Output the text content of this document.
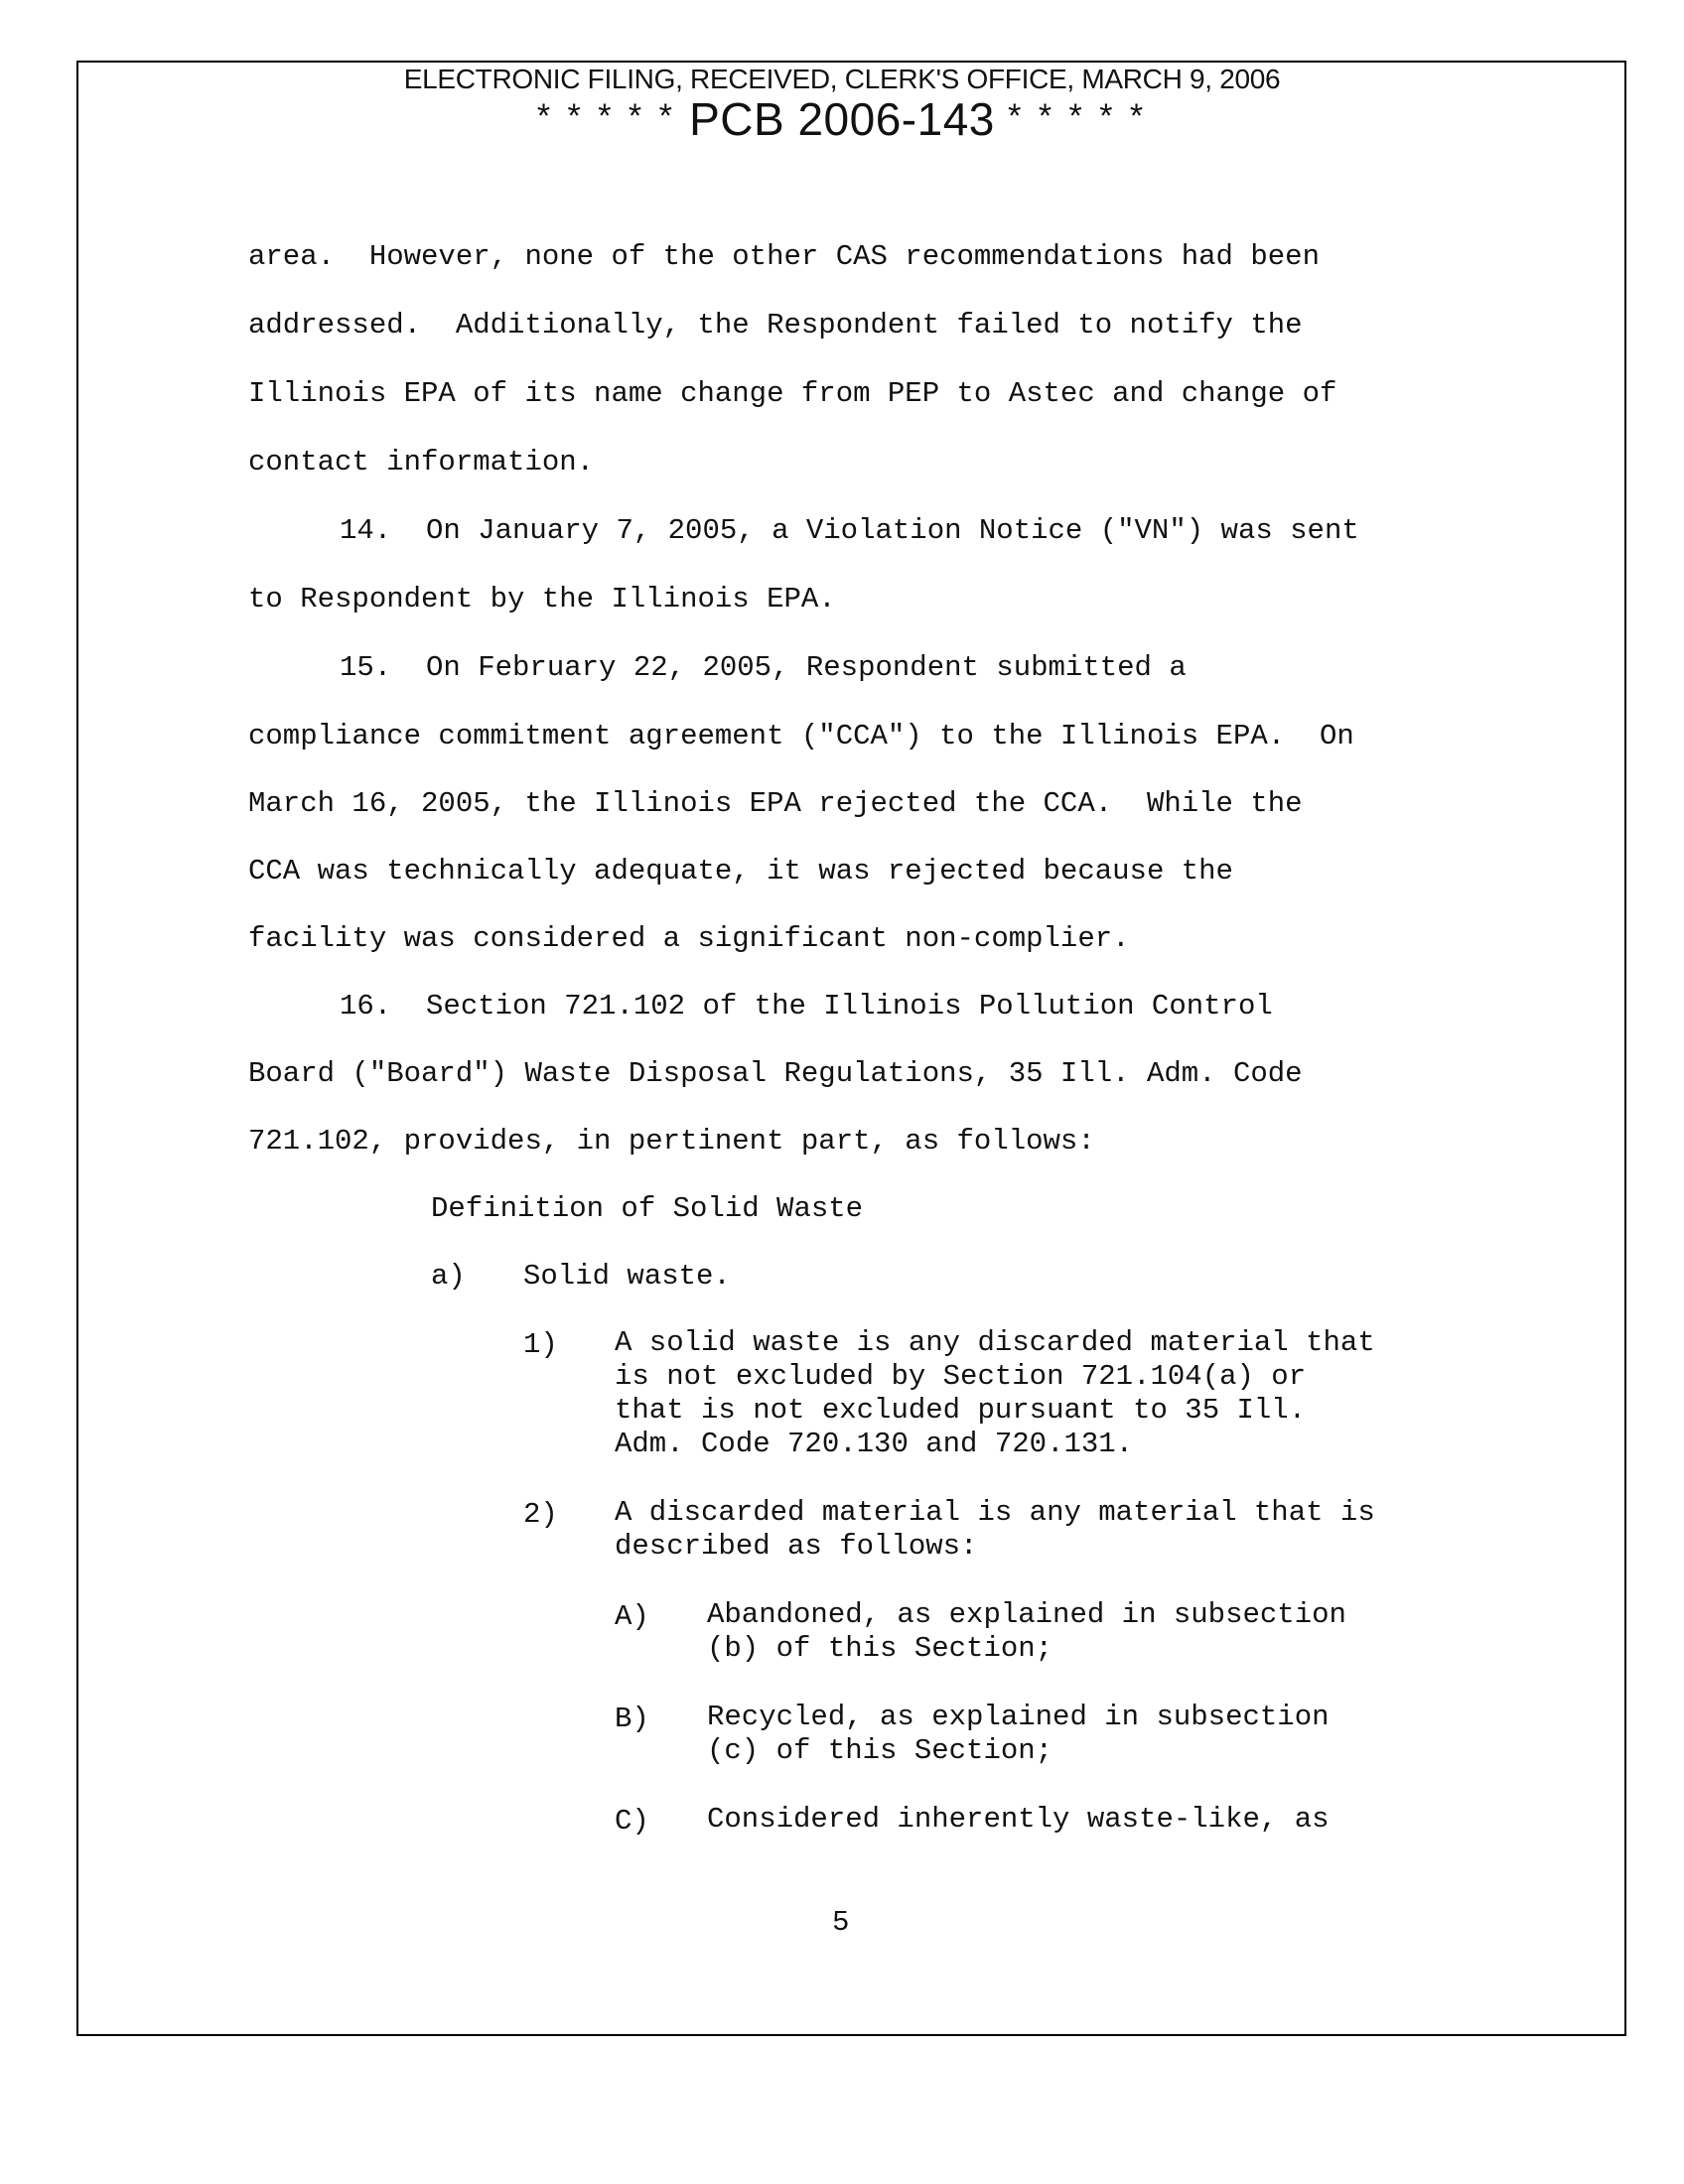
ELECTRONIC FILING, RECEIVED, CLERK'S OFFICE, MARCH 9, 2006
* * * * * PCB 2006-143 * * * * *
area.  However, none of the other CAS recommendations had been
addressed.  Additionally, the Respondent failed to notify the
Illinois EPA of its name change from PEP to Astec and change of
contact information.
14.  On January 7, 2005, a Violation Notice ("VN") was sent
to Respondent by the Illinois EPA.
15.  On February 22, 2005, Respondent submitted a
compliance commitment agreement ("CCA") to the Illinois EPA.  On
March 16, 2005, the Illinois EPA rejected the CCA.  While the
CCA was technically adequate, it was rejected because the
facility was considered a significant non-complier.
16.  Section 721.102 of the Illinois Pollution Control
Board ("Board") Waste Disposal Regulations, 35 Ill. Adm. Code
721.102, provides, in pertinent part, as follows:
Definition of Solid Waste
a) Solid waste.
1) A solid waste is any discarded material that
is not excluded by Section 721.104(a) or
that is not excluded pursuant to 35 Ill.
Adm. Code 720.130 and 720.131.
2) A discarded material is any material that is
described as follows:
A) Abandoned, as explained in subsection
(b) of this Section;
B) Recycled, as explained in subsection
(c) of this Section;
C) Considered inherently waste-like, as
5
